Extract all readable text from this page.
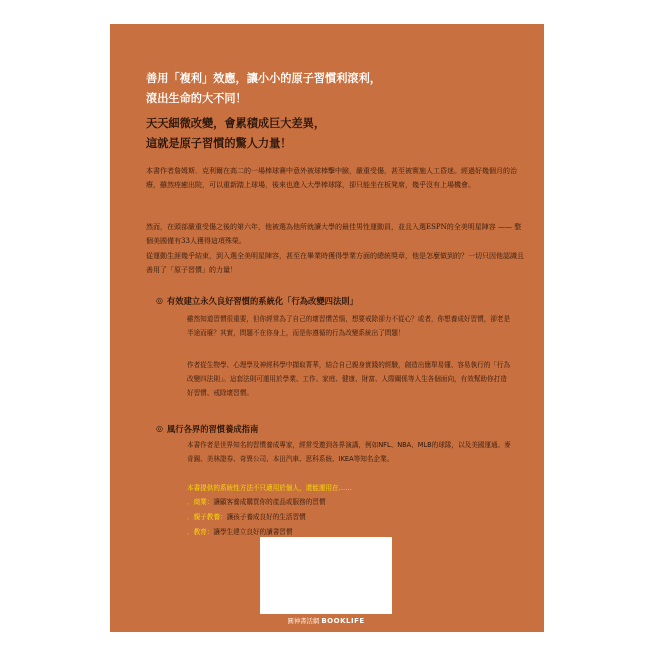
善用「複利」效應，讓小小的原子習慣利滾利，
滾出生命的大不同！
天天細微改變，會累積成巨大差異，
這就是原子習慣的驚人力量！
本書作者詹姆斯．克利爾在高二的一場棒球賽中意外被球棒擊中臉，嚴重受傷，甚至被實施人工昏迷。經過好幾個月的治療，雖然痊癒出院，可以重新踏上球場，後來也進入大學棒球隊，卻只能坐在板凳席，幾乎沒有上場機會。
然而，在頭部嚴重受傷之後的第六年，他被選為他所就讀大學的最佳男性運動員，並且入選ESPN的全美明星陣容 —— 整個美國僅有33人獲得這項殊榮。
從運動生涯幾乎結束，到入選全美明星陣容，甚至在畢業時獲得學業方面的總統獎章，他是怎麼做到的？一切只因他認識且善用了「原子習慣」的力量！
◎ 有效建立永久良好習慣的系統化「行為改變四法則」
雖然知道習慣很重要，但你經常為了自己的壞習慣苦惱，想要戒除卻力不從心？或者，你想養成好習慣，卻老是半途而廢？其實，問題不在你身上，而是你遵循的行為改變系統出了問題！
作者從生物學、心理學及神經科學中擷取菁華，結合自己親身實踐的經驗，創造出簡單易懂、容易執行的「行為改變四法則」。這套法則可運用於學業、工作、家庭、健康、財富、人際關係等人生各個面向，有效幫助你打造好習慣、戒除壞習慣。
◎ 風行各界的習慣養成指南
本書作者是世界知名的習慣養成專家，經常受邀到各界演講，例如NFL、NBA、MLB的球隊，以及美國運通、麥肯錫、美林證券、奇異公司、本田汽車、思科系統、IKEA等知名企業。
本書提供的系統性方法不只適用於個人，還能運用在……
．商業：讓顧客養成購買你的產品或服務的習慣
．親子教養：讓孩子養成良好的生活習慣
．教育：讓學生建立良好的讀書習慣
圓神書活網 BOOKLIFE
